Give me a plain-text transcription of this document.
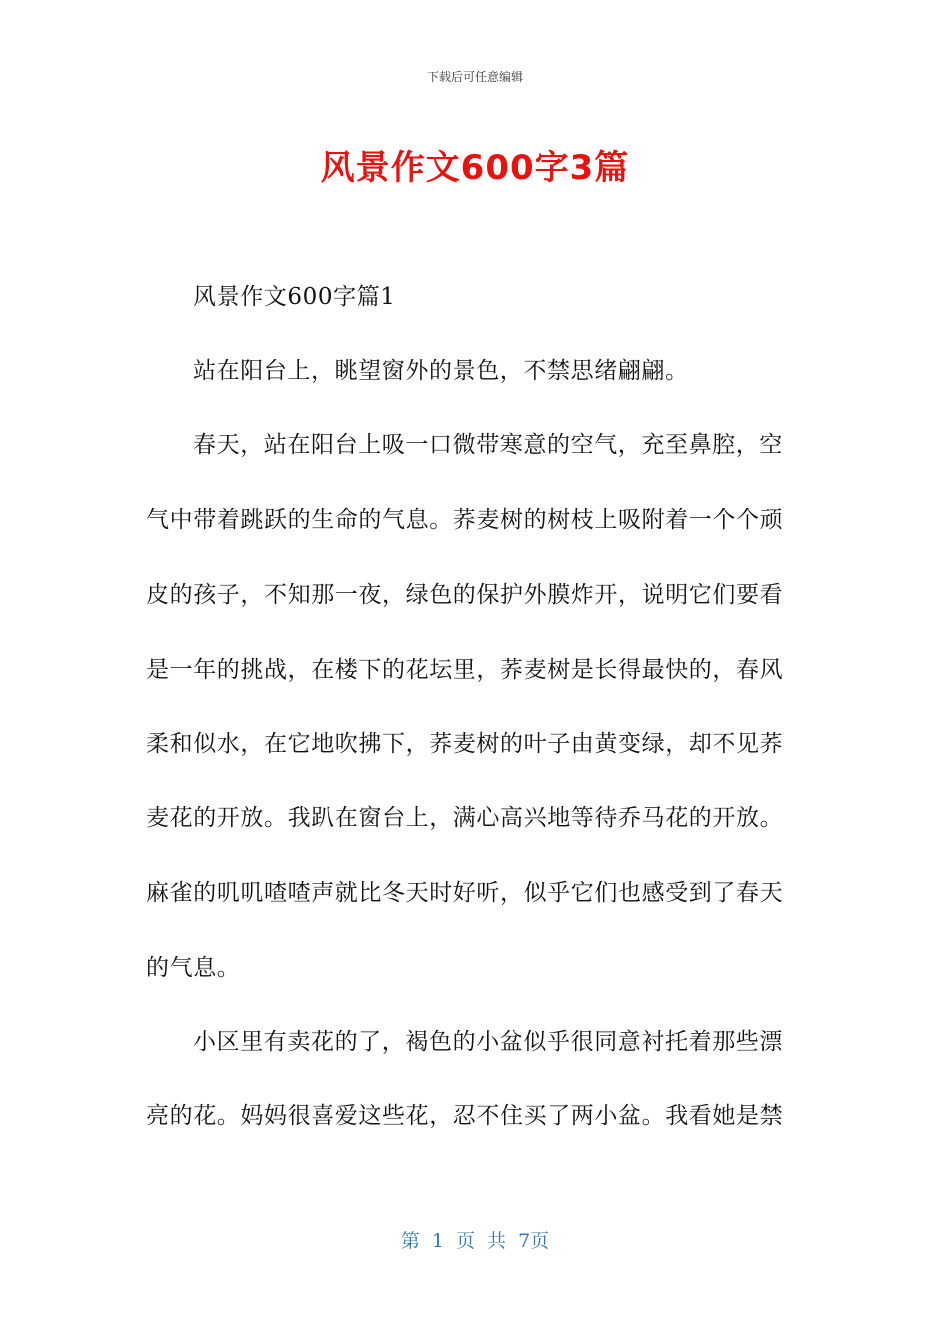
下载后可任意编辑
风景作文600字3篇
风景作文600字篇1
站在阳台上，眺望窗外的景色，不禁思绪翩翩。
春天，站在阳台上吸一口微带寒意的空气，充至鼻腔，空
气中带着跳跃的生命的气息。荞麦树的树枝上吸附着一个个顽
皮的孩子，不知那一夜，绿色的保护外膜炸开，说明它们要看
是一年的挑战，在楼下的花坛里，荞麦树是长得最快的，春风
柔和似水，在它地吹拂下，荞麦树的叶子由黄变绿，却不见荞
麦花的开放。我趴在窗台上，满心高兴地等待乔马花的开放。
麻雀的叽叽喳喳声就比冬天时好听，似乎它们也感受到了春天
的气息。
小区里有卖花的了，褐色的小盆似乎很同意衬托着那些漂
亮的花。妈妈很喜爱这些花，忍不住买了两小盆。我看她是禁
第 1 页 共 7页
